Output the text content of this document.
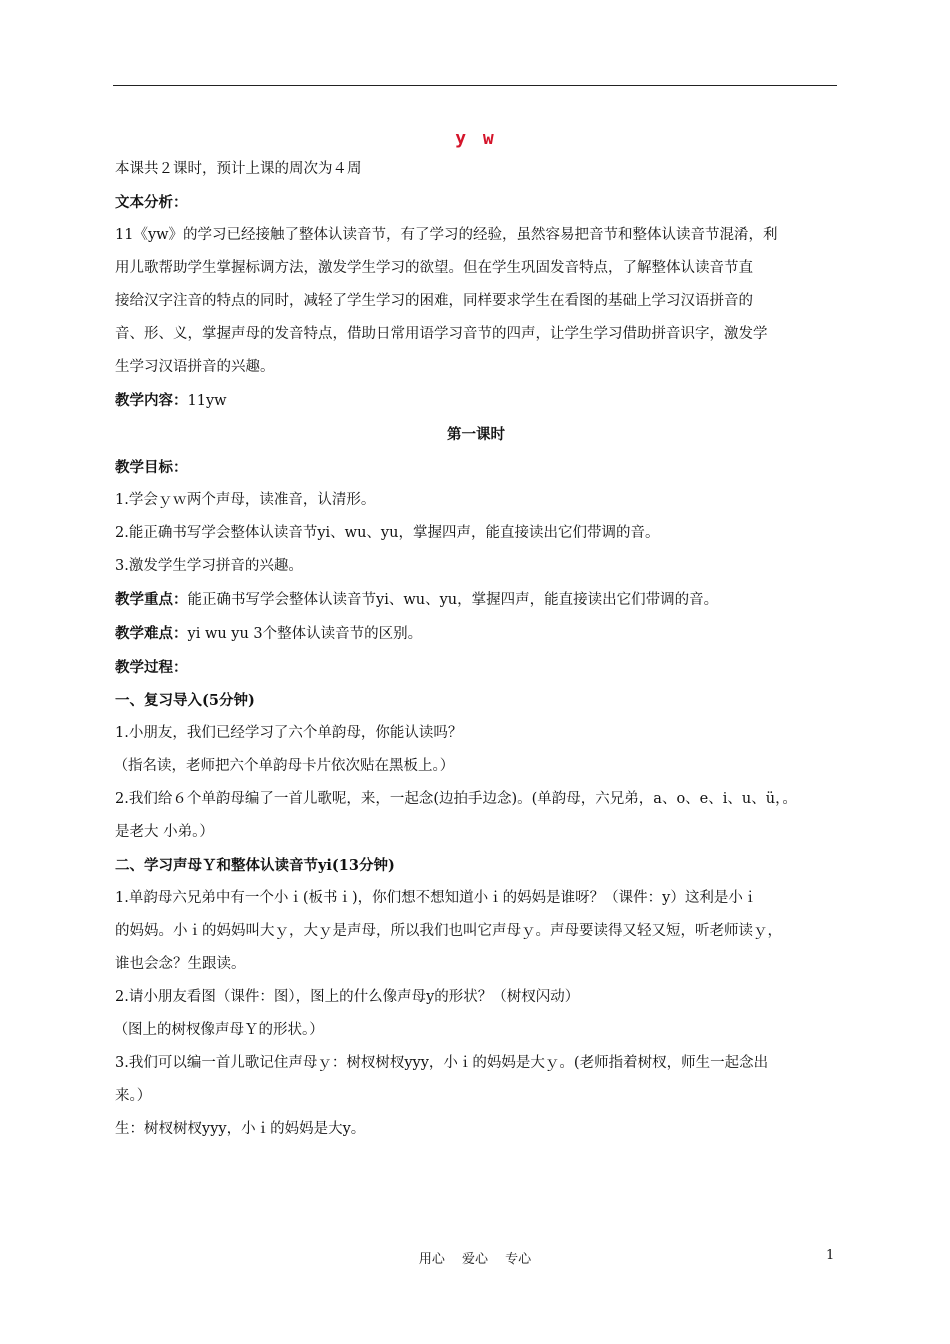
y w

本课共２课时，预计上课的周次为４周

文本分析：

11《yw》的学习已经接触了整体认读音节，有了学习的经验，虽然容易把音节和整体认读音节混淆，利

用儿歌帮助学生掌握标调方法，激发学生学习的欲望。但在学生巩固发音特点，了解整体认读音节直

接给汉字注音的特点的同时，减轻了学生学习的困难，同样要求学生在看图的基础上学习汉语拼音的

音、形、义，掌握声母的发音特点，借助日常用语学习音节的四声，让学生学习借助拼音识字，激发学

生学习汉语拼音的兴趣。

教学内容：11yw

第一课时

教学目标：

1.学会ｙｗ两个声母，读准音，认清形。

2.能正确书写学会整体认读音节yi、wu、yu，掌握四声，能直接读出它们带调的音。

3.激发学生学习拼音的兴趣。

教学重点：能正确书写学会整体认读音节yi、wu、yu，掌握四声，能直接读出它们带调的音。

教学难点：yi wu yu 3个整体认读音节的区别。

教学过程：

一、复习导入(5分钟)

1.小朋友，我们已经学习了六个单韵母，你能认读吗？

（指名读，老师把六个单韵母卡片依次贴在黑板上。）

2.我们给６个单韵母编了一首儿歌呢，来，一起念(边拍手边念)。(单韵母，六兄弟，a、o、e、i、u、ü，。

是老大 小弟。）

二、学习声母Ｙ和整体认读音节yi(13分钟)

1.单韵母六兄弟中有一个小ｉ(板书ｉ)，你们想不想知道小ｉ的妈妈是谁呀？（课件：y）这利是小ｉ

的妈妈。小ｉ的妈妈叫大ｙ，大ｙ是声母，所以我们也叫它声母ｙ。声母要读得又轻又短，听老师读ｙ，

谁也会念？生跟读。

2.请小朋友看图（课件：图），图上的什么像声母y的形状？（树杈闪动）

（图上的树杈像声母Ｙ的形状。）

3.我们可以编一首儿歌记住声母ｙ：树杈树杈yyy，小ｉ的妈妈是大ｙ。(老师指着树杈，师生一起念出

来。）

生：树杈树杈yyy，小ｉ的妈妈是大y。

用心　 爱心　 专心	1
